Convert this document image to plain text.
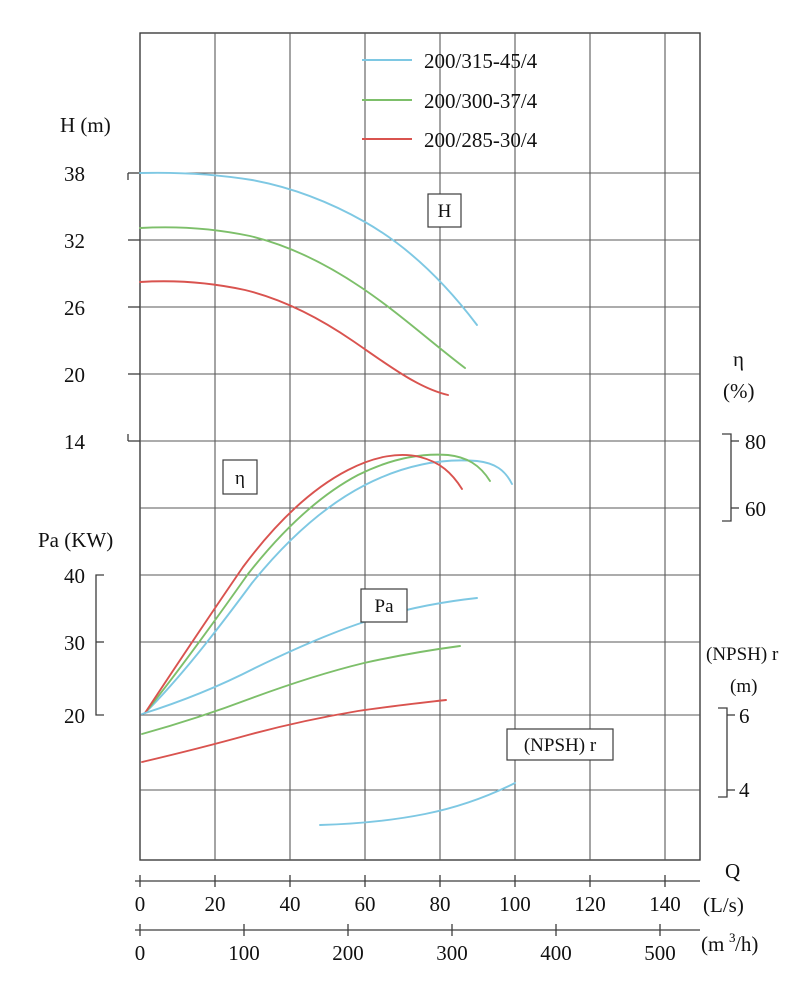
200/315-45/4
200/300-37/4
200/285-30/4
H (m)
38
32
26
20
14
Pa (KW)
40
30
20
η
(%)
80
60
(NPSH) r
(m)
6
4
H
η
Pa
(NPSH) r
0	20	40	60	80 100 120 140
Q
(L/s)
0	100	200	300	400	500 (m 3 /h)
